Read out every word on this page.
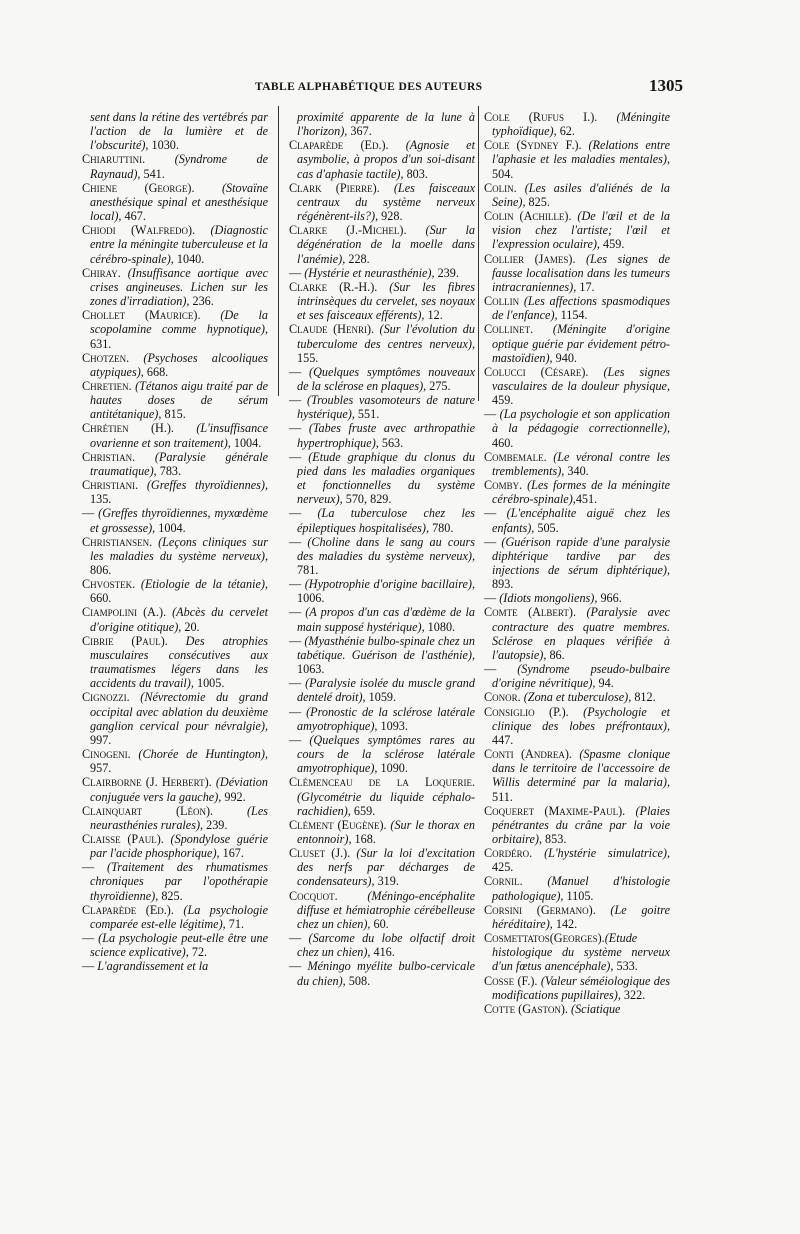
TABLE ALPHABÉTIQUE DES AUTEURS	1305
sent dans la rétine des vertébrés par l'action de la lumière et de l'obscurité), 1030.
Chiaruttini. (Syndrome de Raynaud), 541.
Chiene (George). (Stovaïne anesthésique spinal et anesthésique local), 467.
Chiodi (Walfredo). (Diagnostic entre la méningite tuberculeuse et la cérébro-spinale), 1040.
Chiray. (Insuffisance aortique avec crises angineuses. Lichen sur les zones d'irradiation), 236.
Chollet (Maurice). (De la scopolamine comme hypnotique), 631.
Chotzen. (Psychoses alcooliques atypiques), 668.
Chretien. (Tétanos aigu traité par de hautes doses de sérum antitétanique), 815.
Chrétien (H.). (L'insuffisance ovarienne et son traitement), 1004.
Christian. (Paralysie générale traumatique), 783.
Christiani. (Greffes thyroïdiennes), 135.
— (Greffes thyroïdiennes, myxœdème et grossesse), 1004.
Christiansen. (Leçons cliniques sur les maladies du système nerveux), 806.
Chvostek. (Etiologie de la tétanie), 660.
Ciampolini (A.). (Abcès du cervelet d'origine otitique), 20.
Cibrie (Paul). Des atrophies musculaires consécutives aux traumatismes légers dans les accidents du travail), 1005.
Cignozzi. (Névrectomie du grand occipital avec ablation du deuxième ganglion cervical pour névralgie), 997.
Cinogeni. (Chorée de Huntington), 957.
Clairborne (J. Herbert). (Déviation conjuguée vers la gauche), 992.
Clainquart (Léon). (Les neurasthénies rurales), 239.
Claisse (Paul). (Spondylose guérie par l'acide phosphorique), 167.
— (Traitement des rhumatismes chroniques par l'opothérapie thyroïdienne), 825.
Claparède (Ed.). (La psychologie comparée est-elle légitime), 71.
— (La psychologie peut-elle être une science explicative), 72.
— L'agrandissement et la
proximité apparente de la lune à l'horizon), 367.
Claparède (Ed.). (Agnosie et asymbolie, à propos d'un soi-disant cas d'aphasie tactile), 803.
Clark (Pierre). (Les faisceaux centraux du système nerveux régénèrent-ils?), 928.
Clarke (J.-Michel). (Sur la dégénération de la moelle dans l'anémie), 228.
— (Hystérie et neurasthénie), 239.
Clarke (R.-H.). (Sur les fibres intrinsèques du cervelet, ses noyaux et ses faisceaux efférents), 12.
Claude (Henri). (Sur l'évolution du tuberculome des centres nerveux), 155.
— (Quelques symptômes nouveaux de la sclérose en plaques), 275.
— (Troubles vasomoteurs de nature hystérique), 551.
— (Tabes fruste avec arthropathie hypertrophique), 563.
— (Etude graphique du clonus du pied dans les maladies organiques et fonctionnelles du système nerveux), 570, 829.
— (La tuberculose chez les épileptiques hospitalisées), 780.
— (Choline dans le sang au cours des maladies du système nerveux), 781.
— (Hypotrophie d'origine bacillaire), 1006.
— (A propos d'un cas d'œdème de la main supposé hystérique), 1080.
— (Myasthénie bulbo-spinale chez un tabétique. Guérison de l'asthénie), 1063.
— (Paralysie isolée du muscle grand dentelé droit), 1059.
— (Pronostic de la sclérose latérale amyotrophique), 1093.
— (Quelques symptômes rares au cours de la sclérose latérale amyotrophique), 1090.
Clémenceau de la Loquerie. (Glycométrie du liquide céphalo-rachidien), 659.
Clément (Eugène). (Sur le thorax en entonnoir), 168.
Cluset (J.). (Sur la loi d'excitation des nerfs par décharges de condensateurs), 319.
Cocquot. (Méningo-encéphalite diffuse et hémiatrophie cérébelleuse chez un chien), 60.
— (Sarcome du lobe olfactif droit chez un chien), 416.
— Méningo myélite bulbo-cervicale du chien), 508.
Cole (Rufus I.). (Méningite typhoïdique), 62.
Cole (Sydney F.). (Relations entre l'aphasie et les maladies mentales), 504.
Colin. (Les asiles d'aliénés de la Seine), 825.
Colin (Achille). (De l'œil et de la vision chez l'artiste; l'œil et l'expression oculaire), 459.
Collier (James). (Les signes de fausse localisation dans les tumeurs intracraniennes), 17.
Collin (Les affections spasmodiques de l'enfance), 1154.
Collinet. (Méningite d'origine optique guérie par évidement pétro-mastoïdien), 940.
Colucci (Césare). (Les signes vasculaires de la douleur physique, 459.
— (La psychologie et son application à la pédagogie correctionnelle), 460.
Combemale. (Le véronal contre les tremblements), 340.
Comby. (Les formes de la méningite cérébro-spinale),451.
— (L'encéphalite aiguë chez les enfants), 505.
— (Guérison rapide d'une paralysie diphtérique tardive par des injections de sérum diphtérique), 893.
— (Idiots mongoliens), 966.
Comte (Albert). (Paralysie avec contracture des quatre membres. Sclérose en plaques vérifiée à l'autopsie), 86.
— (Syndrome pseudo-bulbaire d'origine névritique), 94.
Conor. (Zona et tuberculose), 812.
Consiglio (P.). (Psychologie et clinique des lobes préfrontaux), 447.
Conti (Andrea). (Spasme clonique dans le territoire de l'accessoire de Willis determiné par la malaria), 511.
Coqueret (Maxime-Paul). (Plaies pénétrantes du crâne par la voie orbitaire), 853.
Cordéro. (L'hystérie simulatrice), 425.
Cornil. (Manuel d'histologie pathologique), 1105.
Corsini (Germano). (Le goitre héréditaire), 142.
Cosmettatos(Georges).(Etude histologique du système nerveux d'un fœtus anencéphale), 533.
Cosse (F.). (Valeur séméiologique des modifications pupillaires), 322.
Cotte (Gaston). (Sciatique
